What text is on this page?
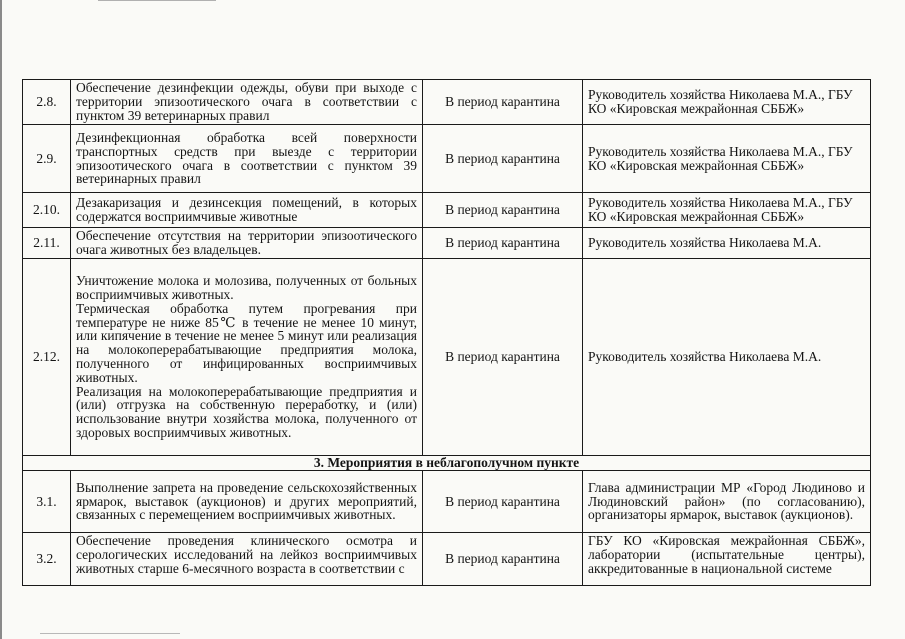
2.8.	Обеспечение дезинфекции одежды, обуви при выходе с территории эпизоотического очага в соответствии с пунктом 39 ветеринарных правил	В период карантина	Руководитель хозяйства Николаева М.А., ГБУ КО «Кировская межрайонная СББЖ»
2.9.	Дезинфекционная обработка всей поверхности транспортных средств при выезде с территории эпизоотического очага в соответствии с пунктом 39 ветеринарных правил	В период карантина	Руководитель хозяйства Николаева М.А., ГБУ КО «Кировская межрайонная СББЖ»
2.10.	Дезакаризация и дезинсекция помещений, в которых содержатся восприимчивые животные	В период карантина	Руководитель хозяйства Николаева М.А., ГБУ КО «Кировская межрайонная СББЖ»
2.11.	Обеспечение отсутствия на территории эпизоотического очага животных без владельцев.	В период карантина	Руководитель хозяйства Николаева М.А.
2.12.	Уничтожение молока и молозива, полученных от больных восприимчивых животных.
Термическая обработка путем прогревания при температуре не ниже 85℃ в течение не менее 10 минут, или кипячение в течение не менее 5 минут или реализация на молокоперерабатывающие предприятия молока, полученного от инфицированных восприимчивых животных.
Реализация на молокоперерабатывающие предприятия и (или) отгрузка на собственную переработку, и (или) использование внутри хозяйства молока, полученного от здоровых восприимчивых животных.	В период карантина	Руководитель хозяйства Николаева М.А.
3. Мероприятия в неблагополучном пункте			
3.1.	Выполнение запрета на проведение сельскохозяйственных ярмарок, выставок (аукционов) и других мероприятий, связанных с перемещением восприимчивых животных.	В период карантина	Глава администрации МР «Город Людиново и Людиновский район» (по согласованию), организаторы ярмарок, выставок (аукционов).
3.2.	Обеспечение проведения клинического осмотра и серологических исследований на лейкоз восприимчивых животных старше 6-месячного возраста в соответствии с	В период карантина	ГБУ КО «Кировская межрайонная СББЖ», лаборатории (испытательные центры), аккредитованные в национальной системе
